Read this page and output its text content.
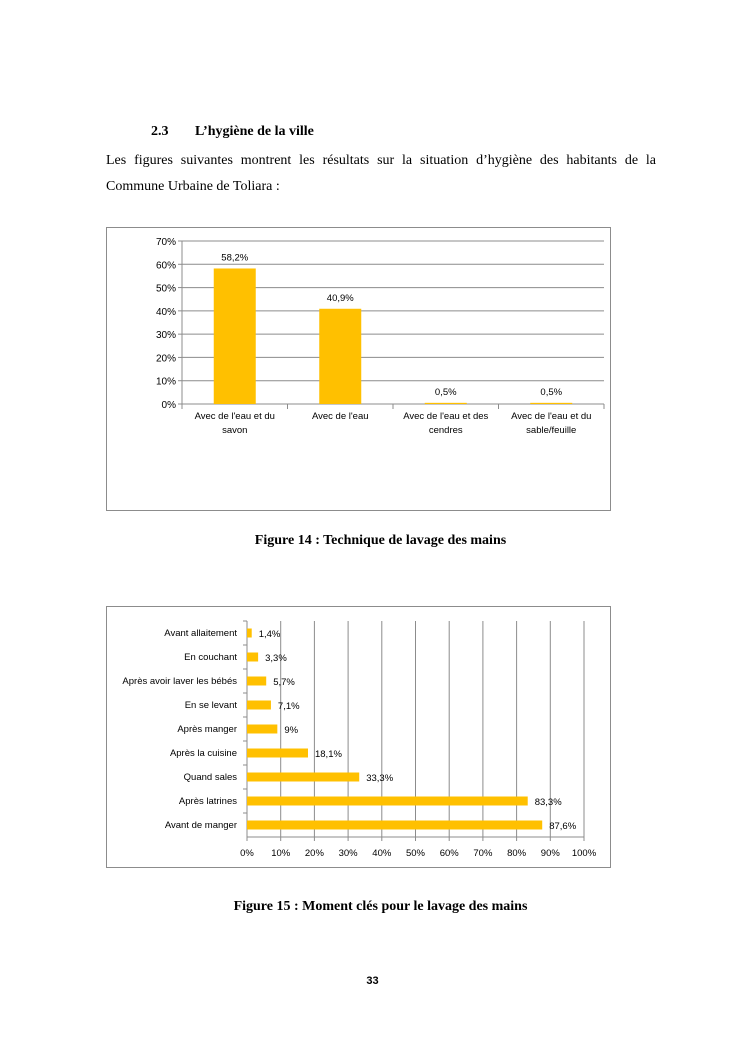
2.3 L’hygiène de la ville

Les figures suivantes montrent les résultats sur la situation d’hygiène des habitants de la Commune Urbaine de Toliara :

0%
10%
20%
30%
40%
50%
60%
70%
58,2%
Avec de l'eau et du
savon
40,9%
Avec de l'eau
0,5%
Avec de l'eau et des
cendres
0,5%
Avec de l'eau et du
sable/feuille
Figure 14 : Technique de lavage des mains
0% 10% 20% 30% 40% 50% 60% 70% 80% 90% 100%
1,4%
Avant allaitement
3,3%
En couchant
5,7%
Après avoir laver les bébés
7,1%
En se levant
9%
Après manger
18,1%
Après la cuisine
33,3%
Quand sales
83,3%
Après latrines
87,6%
Avant de manger
Figure 15 : Moment clés pour le lavage des mains
33
